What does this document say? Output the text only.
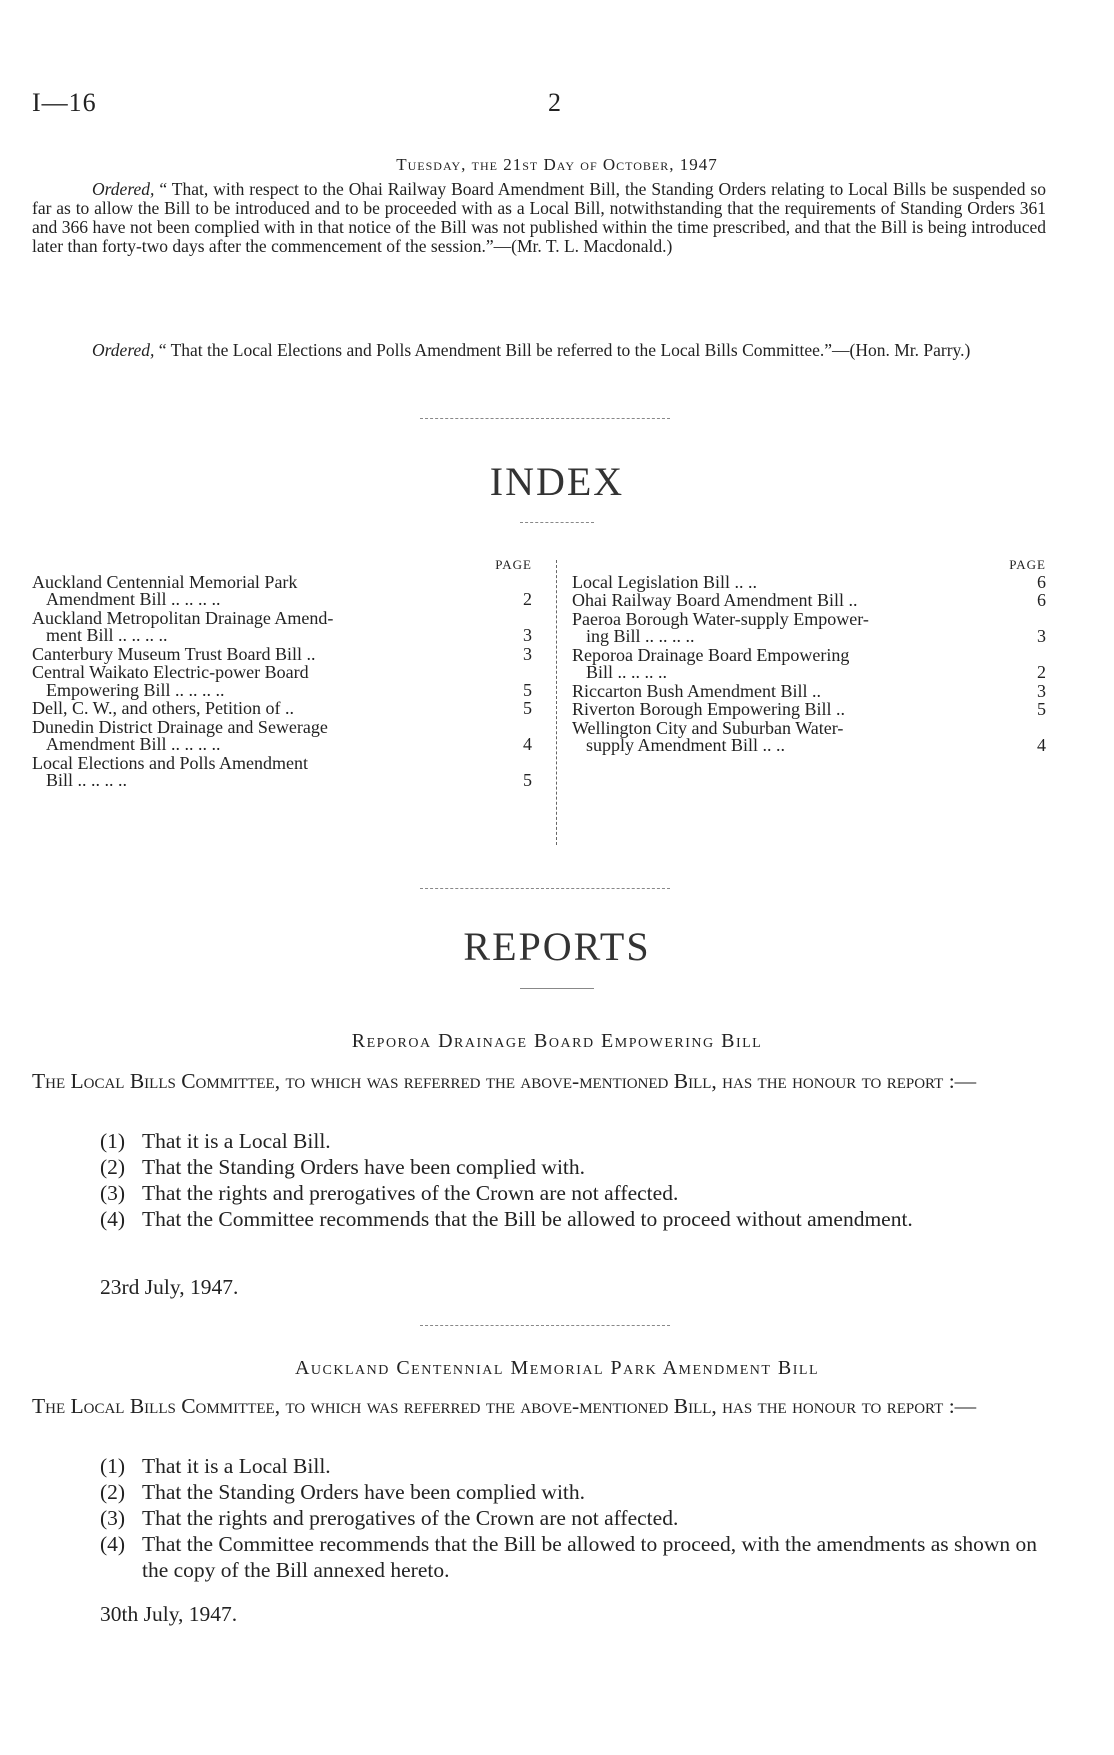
I—16	2
Tuesday, the 21st Day of October, 1947
Ordered, “ That, with respect to the Ohai Railway Board Amendment Bill, the Standing Orders relating to Local Bills be suspended so far as to allow the Bill to be introduced and to be proceeded with as a Local Bill, notwithstanding that the requirements of Standing Orders 361 and 366 have not been complied with in that notice of the Bill was not published within the time prescribed, and that the Bill is being introduced later than forty-two days after the commencement of the session.”—(Mr. T. L. Macdonald.)
Ordered, “ That the Local Elections and Polls Amendment Bill be referred to the Local Bills Committee.”—(Hon. Mr. Parry.)
INDEX
PAGE
Auckland Centennial Memorial Park
Amendment Bill .. .. .. ..	2
Auckland Metropolitan Drainage Amend-
ment Bill .. .. .. ..	3
Canterbury Museum Trust Board Bill ..	3
Central Waikato Electric-power Board
Empowering Bill .. .. .. ..	5
Dell, C. W., and others, Petition of ..	5
Dunedin District Drainage and Sewerage
Amendment Bill .. .. .. ..	4
Local Elections and Polls Amendment
Bill .. .. .. ..	5
PAGE
Local Legislation Bill .. ..	6
Ohai Railway Board Amendment Bill ..	6
Paeroa Borough Water-supply Empower-
ing Bill .. .. .. ..	3
Reporoa Drainage Board Empowering
Bill .. .. .. ..	2
Riccarton Bush Amendment Bill ..	3
Riverton Borough Empowering Bill ..	5
Wellington City and Suburban Water-
supply Amendment Bill .. ..	4
REPORTS
Reporoa Drainage Board Empowering Bill
The Local Bills Committee, to which was referred the above-mentioned Bill, has the honour to report :—
(1) That it is a Local Bill.
(2) That the Standing Orders have been complied with.
(3) That the rights and prerogatives of the Crown are not affected.
(4) That the Committee recommends that the Bill be allowed to proceed without amendment.
23rd July, 1947.
Auckland Centennial Memorial Park Amendment Bill
The Local Bills Committee, to which was referred the above-mentioned Bill, has the honour to report :—
(1) That it is a Local Bill.
(2) That the Standing Orders have been complied with.
(3) That the rights and prerogatives of the Crown are not affected.
(4) That the Committee recommends that the Bill be allowed to proceed, with the amendments as shown on the copy of the Bill annexed hereto.
30th July, 1947.
